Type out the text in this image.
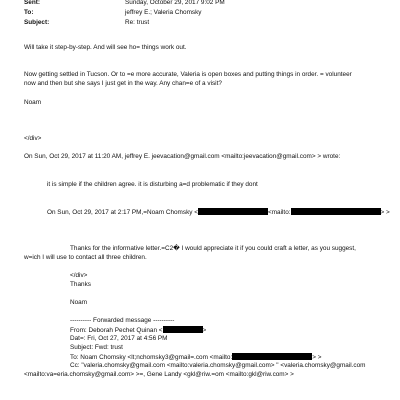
Sent:	Sunday, October 29, 2017 9:02 PM
To:	jeffrey E.; Valeria Chomsky
Subject:	Re: trust
Will take it step-by-step. And will see ho= things work out.
Now getting settled in Tucson. Or to =e more accurate, Valeria is open boxes and putting things in order. = volunteer
now and then but she says I just get in the way. Any chan=e of a visit?
Noam
</div>
On Sun, Oct 29, 2017 at 11:20 AM, jeffrey E. jeevacation@gmail.com <mailto:jeevacation@gmail.com> > wrote:
it is simple if the children agree. it is disturbing a=d problematic if they dont
On Sun, Oct 29, 2017 at 2:17 PM,=Noam Chomsky <	<mailto:	> >
Thanks for the informative letter.=C2� I would appreciate it if you could craft a letter, as you suggest,
w=ich I will use to contact all three children.
</div>
Thanks
Noam
---------- Forwarded message ----------
From: Deborah Pechet Quinan <	>
Dat=: Fri, Oct 27, 2017 at 4:56 PM
Subject: Fwd: trust
To: Noam Chomsky <lt;nchomsky3@gmail=.com <mailto:	> >
Cc: "valeria.chomsky@gmail.com <mailto:valeria.chomsky@gmail.com> " <valeria.chomsky@gmail.com
<mailto:va=eria.chomsky@gmail.com> >=, Gene Landy <gkl@riw.=om <mailto:gkl@riw.com> >
